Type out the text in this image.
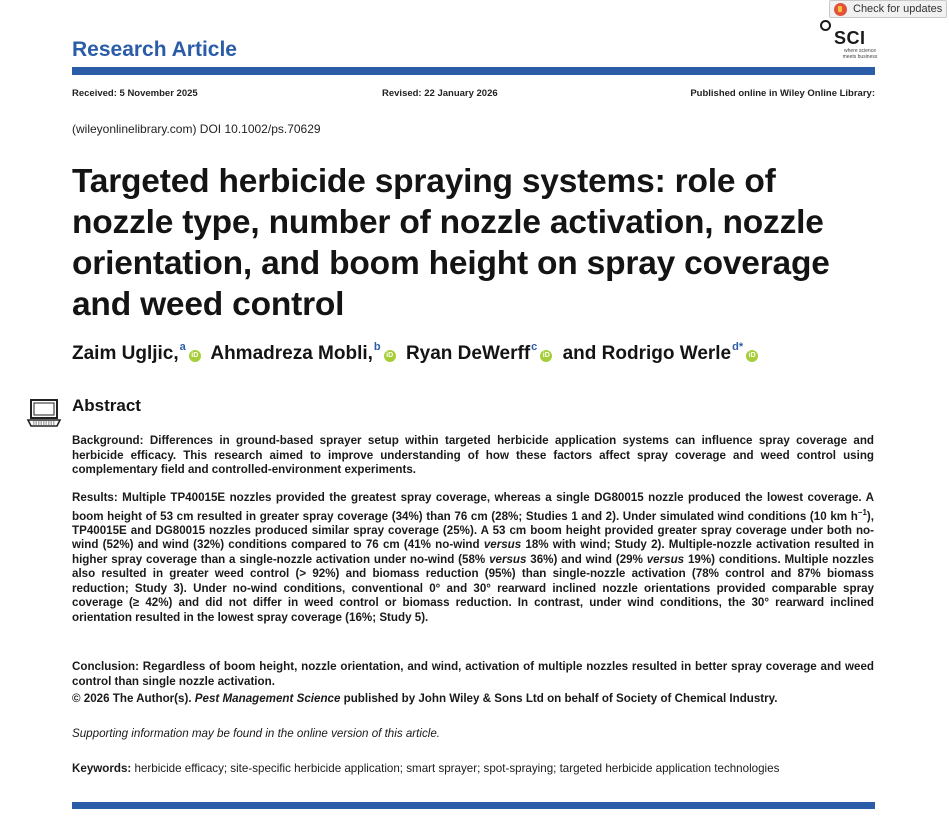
Check for updates
SCI
where science meets business
Research Article
Received: 5 November 2025	Revised: 22 January 2026	Published online in Wiley Online Library:
(wileyonlinelibrary.com) DOI 10.1002/ps.70629
Targeted herbicide spraying systems: role of nozzle type, number of nozzle activation, nozzle orientation, and boom height on spray coverage and weed control
Zaim Ugljic,$^a$iD Ahmadreza Mobli,$^b$iD Ryan DeWerff$^c$iD and Rodrigo Werle$^{d*}$iD
Abstract

Background: Differences in ground-based sprayer setup within targeted herbicide application systems can influence spray coverage and herbicide efficacy. This research aimed to improve understanding of how these factors affect spray coverage and weed control using complementary field and controlled-environment experiments.

Results: Multiple TP40015E nozzles provided the greatest spray coverage, whereas a single DG80015 nozzle produced the lowest coverage. A boom height of 53 cm resulted in greater spray coverage (34%) than 76 cm (28%; Studies 1 and 2). Under simulated wind conditions (10 km $h^{-1}$), TP40015E and DG80015 nozzles produced similar spray coverage (25%). A 53 cm boom height provided greater spray coverage under both no-wind (52%) and wind (32%) conditions compared to 76 cm (41% no-wind versus 18% with wind; Study 2). Multiple-nozzle activation resulted in higher spray coverage than a single-nozzle activation under no-wind (58% versus 36%) and wind (29% versus 19%) conditions. Multiple nozzles also resulted in greater weed control (> 92%) and biomass reduction (95%) than single-nozzle activation (78% control and 87% biomass reduction; Study 3). Under no-wind conditions, conventional 0° and 30° rearward inclined nozzle orientations provided comparable spray coverage (≥ 42%) and did not differ in weed control or biomass reduction. In contrast, under wind conditions, the 30° rearward inclined orientation resulted in the lowest spray coverage (16%; Study 5).

Conclusion: Regardless of boom height, nozzle orientation, and wind, activation of multiple nozzles resulted in better spray coverage and weed control than single nozzle activation.

© 2026 The Author(s). Pest Management Science published by John Wiley & Sons Ltd on behalf of Society of Chemical Industry.
Supporting information may be found in the online version of this article.
Keywords: herbicide efficacy; site-specific herbicide application; smart sprayer; spot-spraying; targeted herbicide application technologies
